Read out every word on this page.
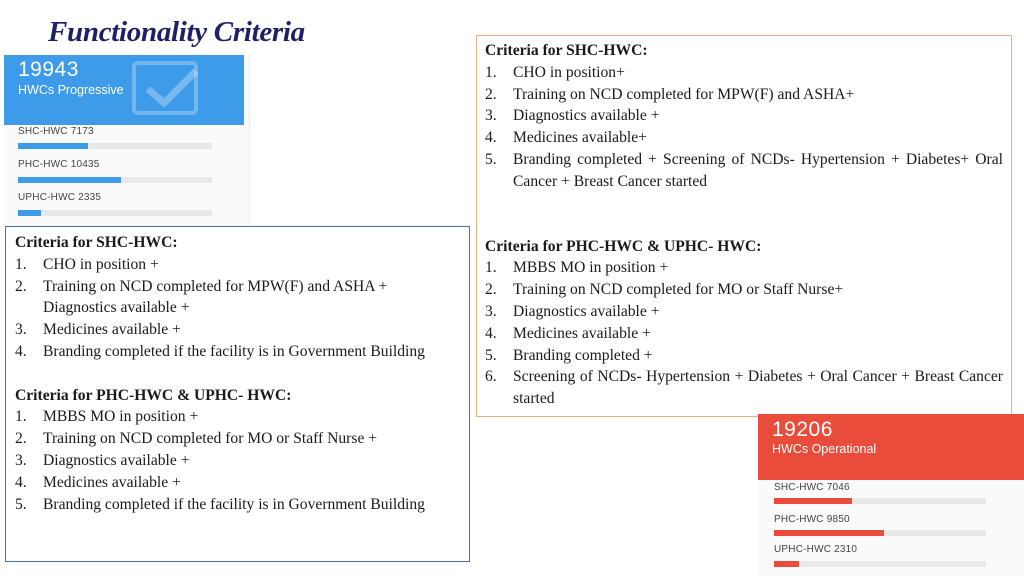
Functionality Criteria
19943
HWCs Progressive
SHC-HWC 7173
PHC-HWC 10435
UPHC-HWC 2335
Criteria for SHC-HWC:
1.	CHO in position+
2.	Training on NCD completed for MPW(F) and ASHA+
3.	Diagnostics available +
4.	Medicines available+
5.	Branding completed + Screening of NCDs- Hypertension + Diabetes+ Oral Cancer + Breast Cancer started
Criteria for PHC-HWC & UPHC- HWC:
1.	MBBS MO in position +
2.	Training on NCD completed for MO or Staff Nurse+
3.	Diagnostics available +
4.	Medicines available +
5.	Branding completed +
6.	Screening of NCDs- Hypertension + Diabetes + Oral Cancer + Breast Cancer started
Criteria for SHC-HWC:
1.	CHO in position +
2.	Training on NCD completed for MPW(F) and ASHA + Diagnostics available +
3.	Medicines available +
4.	Branding completed if the facility is in Government Building
Criteria for PHC-HWC & UPHC- HWC:
1.	MBBS MO in position +
2.	Training on NCD completed for MO or Staff Nurse +
3.	Diagnostics available +
4.	Medicines available +
5.	Branding completed if the facility is in Government Building
19206
HWCs Operational
SHC-HWC 7046
PHC-HWC 9850
UPHC-HWC 2310
